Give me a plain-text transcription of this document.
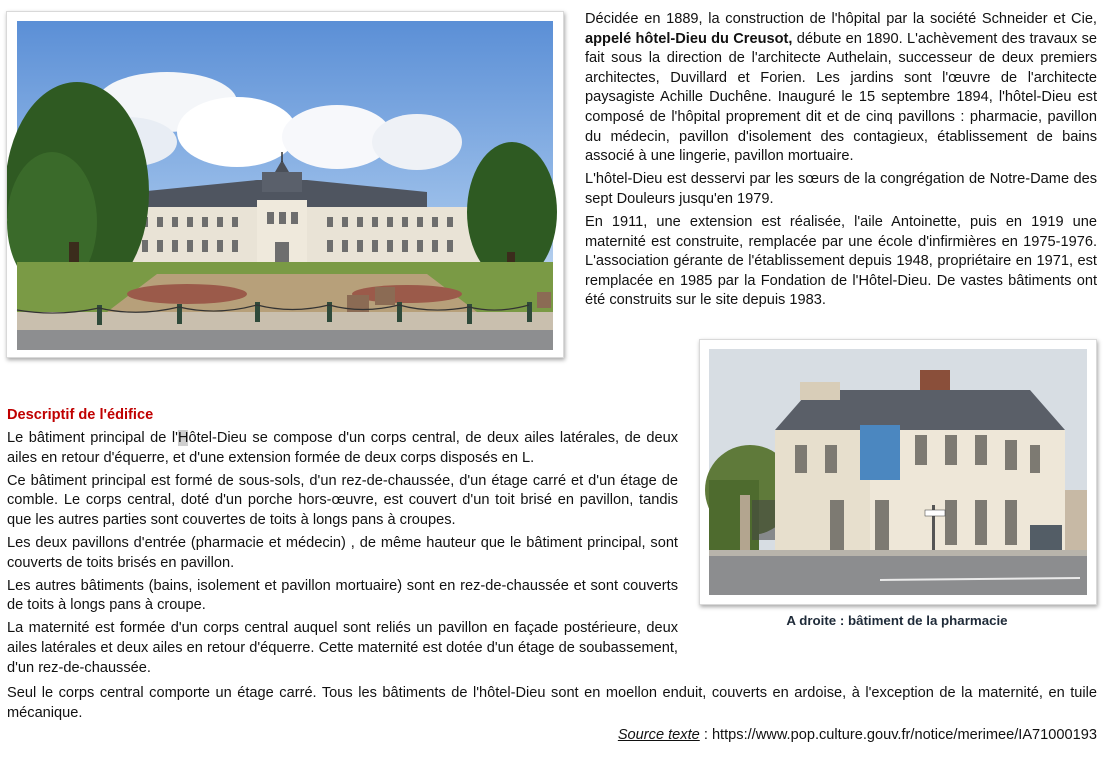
Décidée en 1889, la construction de l'hôpital par la société Schneider et Cie, appelé hôtel-Dieu du Creusot, débute en 1890. L'achèvement des travaux se fait sous la direction de l'architecte Authelain, successeur de deux premiers architectes, Duvillard et Forien. Les jardins sont l'œuvre de l'architecte paysagiste Achille Duchêne. Inauguré le 15 septembre 1894, l'hôtel-Dieu est composé de l'hôpital proprement dit et de cinq pavillons : pharmacie, pavillon du médecin, pavillon d'isolement des contagieux, établissement de bains associé à une lingerie, pavillon mortuaire.

L'hôtel-Dieu est desservi par les sœurs de la congrégation de Notre-Dame des sept Douleurs jusqu'en 1979.

En 1911, une extension est réalisée, l'aile Antoinette, puis en 1919 une maternité est construite, remplacée par une école d'infirmières en 1975-1976. L'association gérante de l'établissement depuis 1948, propriétaire en 1971, est remplacée en 1985 par la Fondation de l'Hôtel-Dieu. De vastes bâtiments ont été construits sur le site depuis 1983.

Descriptif de l'édifice

Le bâtiment principal de l'Hôtel-Dieu se compose d'un corps central, de deux ailes latérales, de deux ailes en retour d'équerre, et d'une extension formée de deux corps disposés en L.

Ce bâtiment principal est formé de sous-sols, d'un rez-de-chaussée, d'un étage carré et d'un étage de comble. Le corps central, doté d'un porche hors-œuvre, est couvert d'un toit brisé en pavillon, tandis que les autres parties sont couvertes de toits à longs pans à croupes.

Les deux pavillons d'entrée (pharmacie et médecin) , de même hauteur que le bâtiment principal, sont couverts de toits brisés en pavillon.

Les autres bâtiments (bains, isolement et pavillon mortuaire) sont en rez-de-chaussée et sont couverts de toits à longs pans à croupe.

La maternité est formée d'un corps central auquel sont reliés un pavillon en façade postérieure, deux ailes latérales et deux ailes en retour d'équerre. Cette maternité est dotée d'un étage de soubassement, d'un rez-de-chaussée.

Seul le corps central comporte un étage carré. Tous les bâtiments de l'hôtel-Dieu sont en moellon enduit, couverts en ardoise, à l'exception de la maternité, en tuile mécanique.

A droite : bâtiment de la pharmacie
Source texte : https://www.pop.culture.gouv.fr/notice/merimee/IA71000193
